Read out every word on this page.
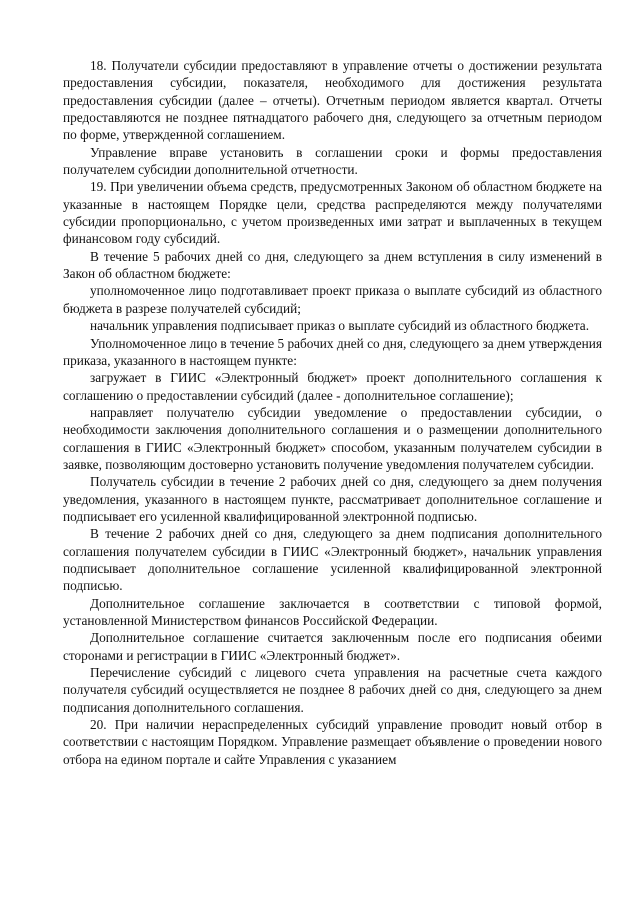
18. Получатели субсидии предоставляют в управление отчеты о достижении результата предоставления субсидии, показателя, необходимого для достижения результата предоставления субсидии (далее – отчеты). Отчетным периодом является квартал. Отчеты предоставляются не позднее пятнадцатого рабочего дня, следующего за отчетным периодом по форме, утвержденной соглашением.

Управление вправе установить в соглашении сроки и формы предоставления получателем субсидии дополнительной отчетности.

19. При увеличении объема средств, предусмотренных Законом об областном бюджете на указанные в настоящем Порядке цели, средства распределяются между получателями субсидии пропорционально, с учетом произведенных ими затрат и выплаченных в текущем финансовом году субсидий.

В течение 5 рабочих дней со дня, следующего за днем вступления в силу изменений в Закон об областном бюджете:

уполномоченное лицо подготавливает проект приказа о выплате субсидий из областного бюджета в разрезе получателей субсидий;

начальник управления подписывает приказ о выплате субсидий из областного бюджета.

Уполномоченное лицо в течение 5 рабочих дней со дня, следующего за днем утверждения приказа, указанного в настоящем пункте:

загружает в ГИИС «Электронный бюджет» проект дополнительного соглашения к соглашению о предоставлении субсидий (далее - дополнительное соглашение);

направляет получателю субсидии уведомление о предоставлении субсидии, о необходимости заключения дополнительного соглашения и о размещении дополнительного соглашения в ГИИС «Электронный бюджет» способом, указанным получателем субсидии в заявке, позволяющим достоверно установить получение уведомления получателем субсидии.

Получатель субсидии в течение 2 рабочих дней со дня, следующего за днем получения уведомления, указанного в настоящем пункте, рассматривает дополнительное соглашение и подписывает его усиленной квалифицированной электронной подписью.

В течение 2 рабочих дней со дня, следующего за днем подписания дополнительного соглашения получателем субсидии в ГИИС «Электронный бюджет», начальник управления подписывает дополнительное соглашение усиленной квалифицированной электронной подписью.

Дополнительное соглашение заключается в соответствии с типовой формой, установленной Министерством финансов Российской Федерации.

Дополнительное соглашение считается заключенным после его подписания обеими сторонами и регистрации в ГИИС «Электронный бюджет».

Перечисление субсидий с лицевого счета управления на расчетные счета каждого получателя субсидий осуществляется не позднее 8 рабочих дней со дня, следующего за днем подписания дополнительного соглашения.

20. При наличии нераспределенных субсидий управление проводит новый отбор в соответствии с настоящим Порядком. Управление размещает объявление о проведении нового отбора на едином портале и сайте Управления с указанием
